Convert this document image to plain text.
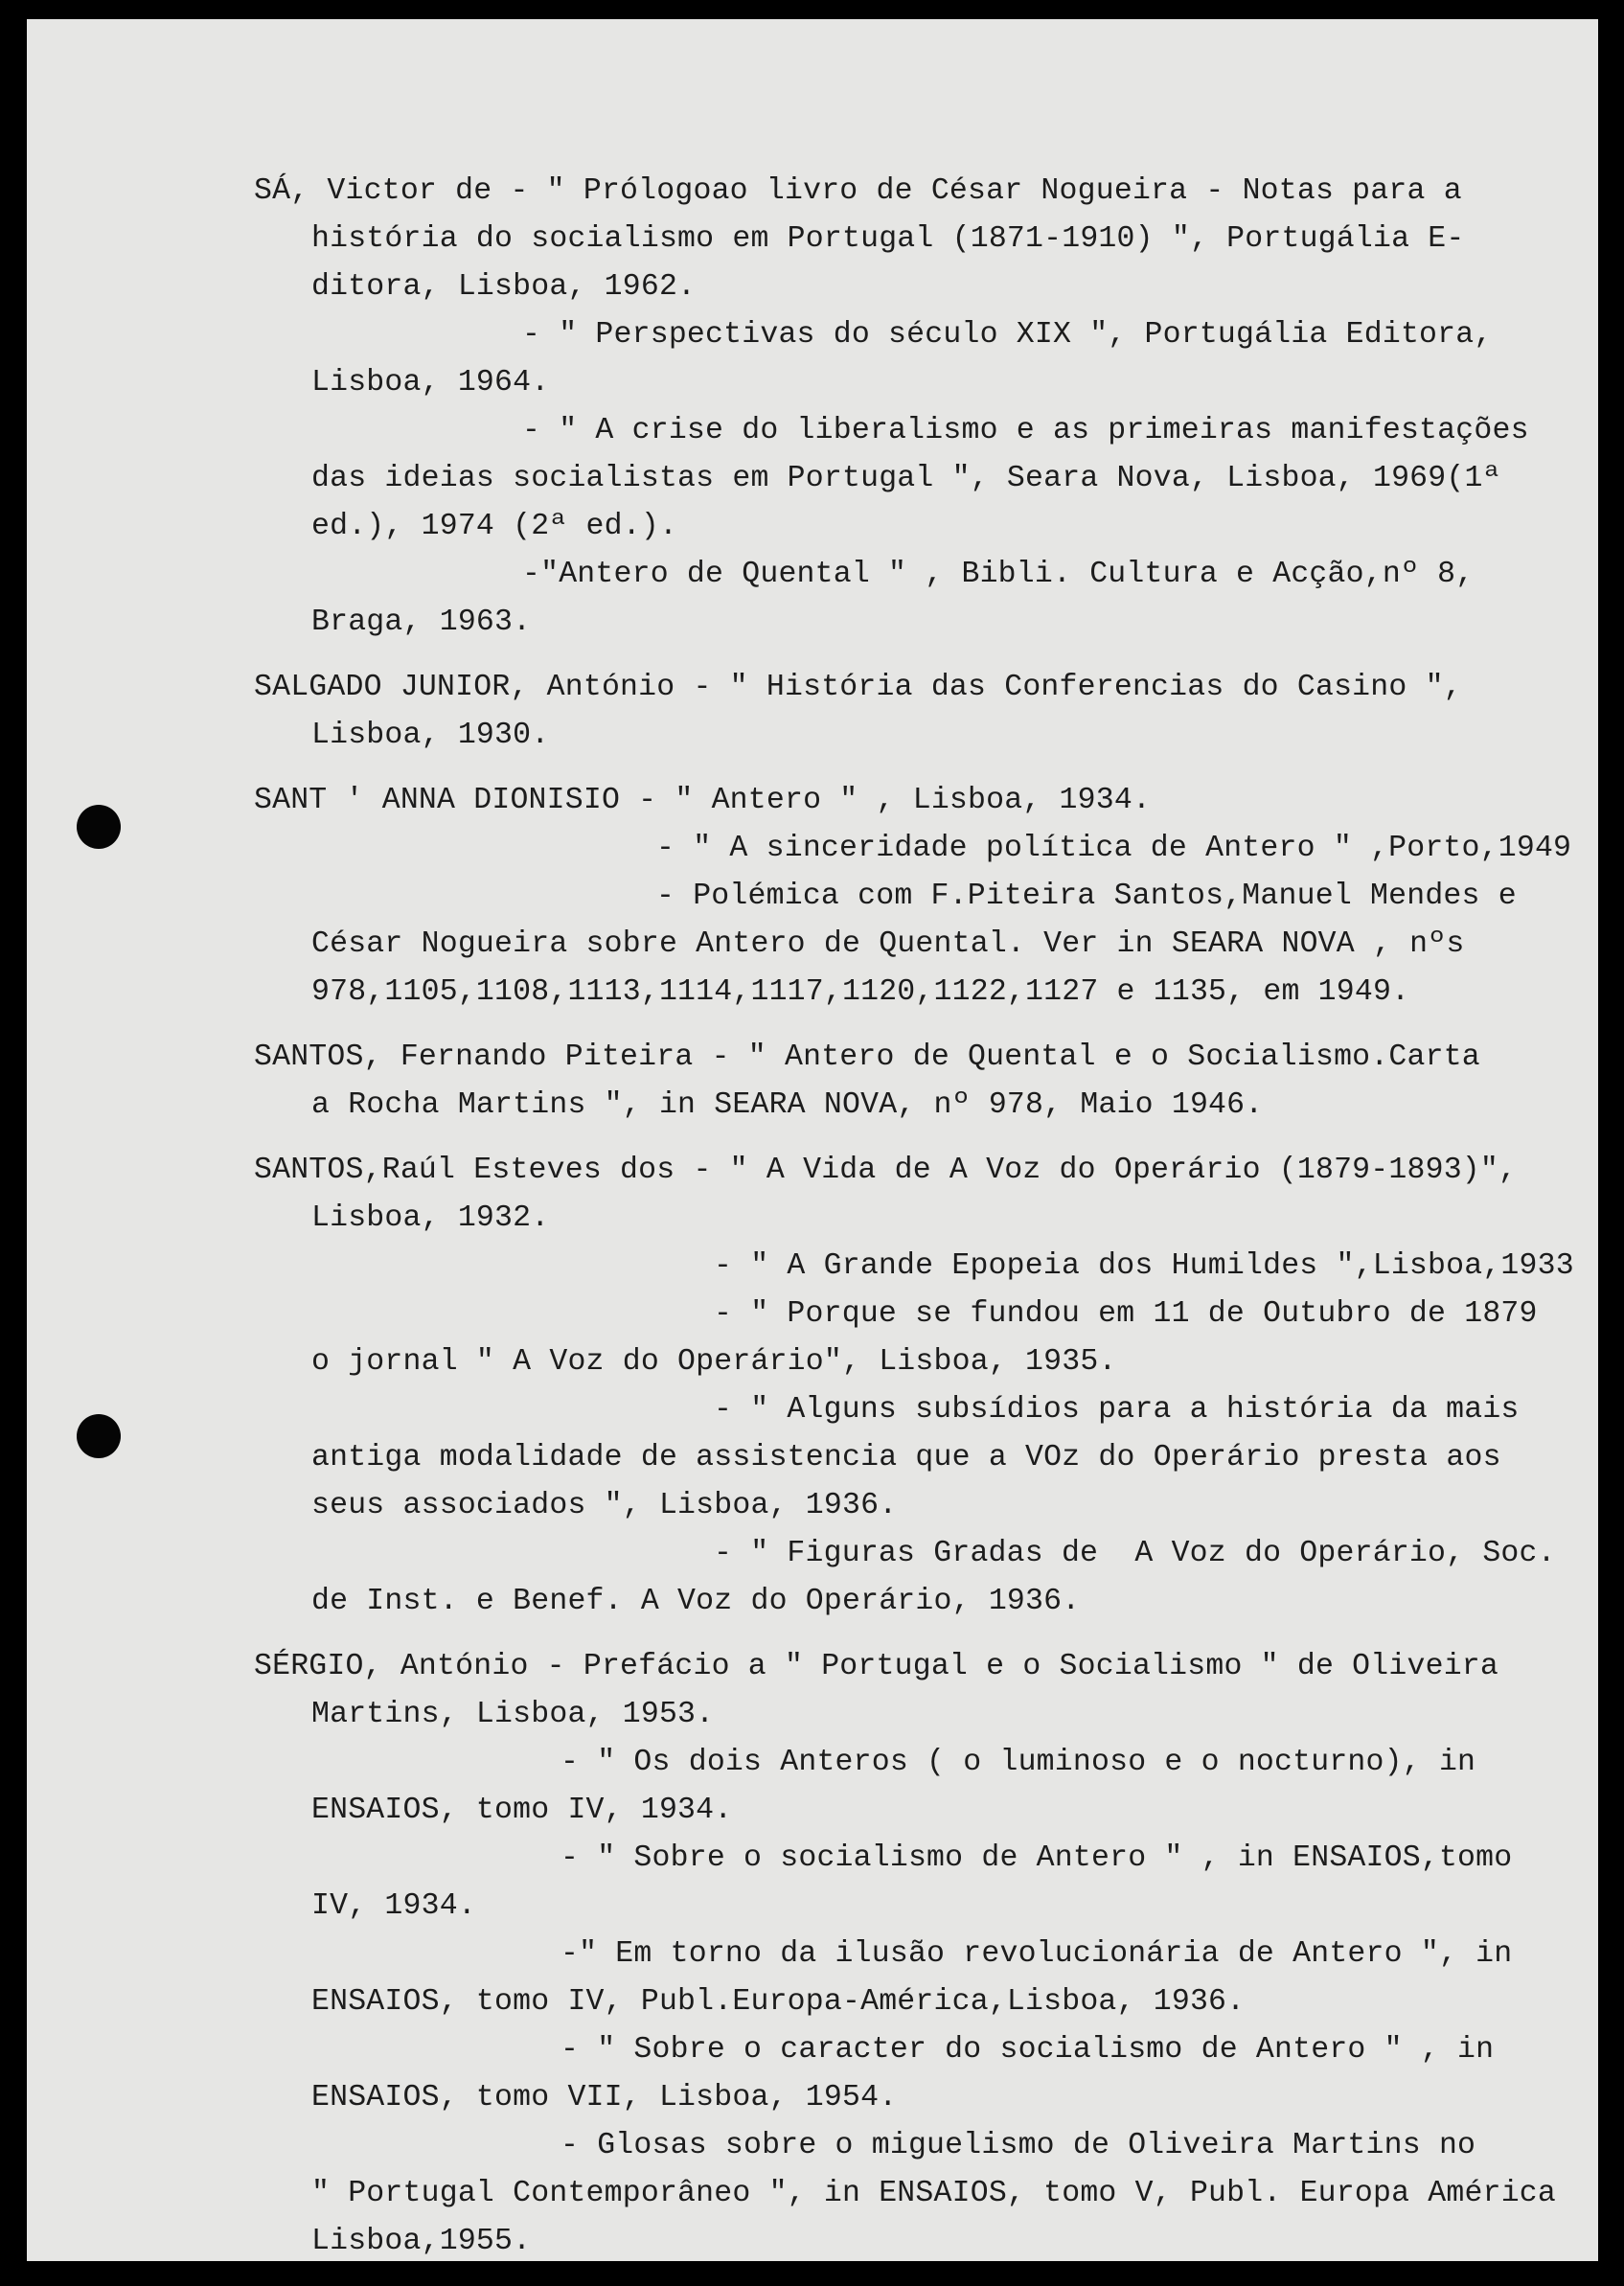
SÁ, Victor de - " Prólogoao livro de César Nogueira - Notas para a
história do socialismo em Portugal (1871-1910) ", Portugália E-
ditora, Lisboa, 1962.
- " Perspectivas do século XIX ", Portugália Editora,
Lisboa, 1964.
- " A crise do liberalismo e as primeiras manifestações
das ideias socialistas em Portugal ", Seara Nova, Lisboa, 1969(1ª
ed.), 1974 (2ª ed.).
-"Antero de Quental " , Bibli. Cultura e Acção,nº 8,
Braga, 1963.
SALGADO JUNIOR, António - " História das Conferencias do Casino ",
Lisboa, 1930.
SANT ' ANNA DIONISIO - " Antero " , Lisboa, 1934.
- " A sinceridade política de Antero " ,Porto,1949
- Polémica com F.Piteira Santos,Manuel Mendes e
César Nogueira sobre Antero de Quental. Ver in SEARA NOVA , nºs
978,1105,1108,1113,1114,1117,1120,1122,1127 e 1135, em 1949.
SANTOS, Fernando Piteira - " Antero de Quental e o Socialismo.Carta
a Rocha Martins ", in SEARA NOVA, nº 978, Maio 1946.
SANTOS,Raúl Esteves dos - " A Vida de A Voz do Operário (1879-1893)",
Lisboa, 1932.
- " A Grande Epopeia dos Humildes ",Lisboa,1933
- " Porque se fundou em 11 de Outubro de 1879
o jornal " A Voz do Operário", Lisboa, 1935.
- " Alguns subsídios para a história da mais
antiga modalidade de assistencia que a VOz do Operário presta aos
seus associados ", Lisboa, 1936.
- " Figuras Gradas de  A Voz do Operário, Soc.
de Inst. e Benef. A Voz do Operário, 1936.
SÉRGIO, António - Prefácio a " Portugal e o Socialismo " de Oliveira
Martins, Lisboa, 1953.
- " Os dois Anteros ( o luminoso e o nocturno), in
ENSAIOS, tomo IV, 1934.
- " Sobre o socialismo de Antero " , in ENSAIOS,tomo
IV, 1934.
-" Em torno da ilusão revolucionária de Antero ", in
ENSAIOS, tomo IV, Publ.Europa-América,Lisboa, 1936.
- " Sobre o caracter do socialismo de Antero " , in
ENSAIOS, tomo VII, Lisboa, 1954.
- Glosas sobre o miguelismo de Oliveira Martins no
" Portugal Contemporâneo ", in ENSAIOS, tomo V, Publ. Europa América
Lisboa,1955.
